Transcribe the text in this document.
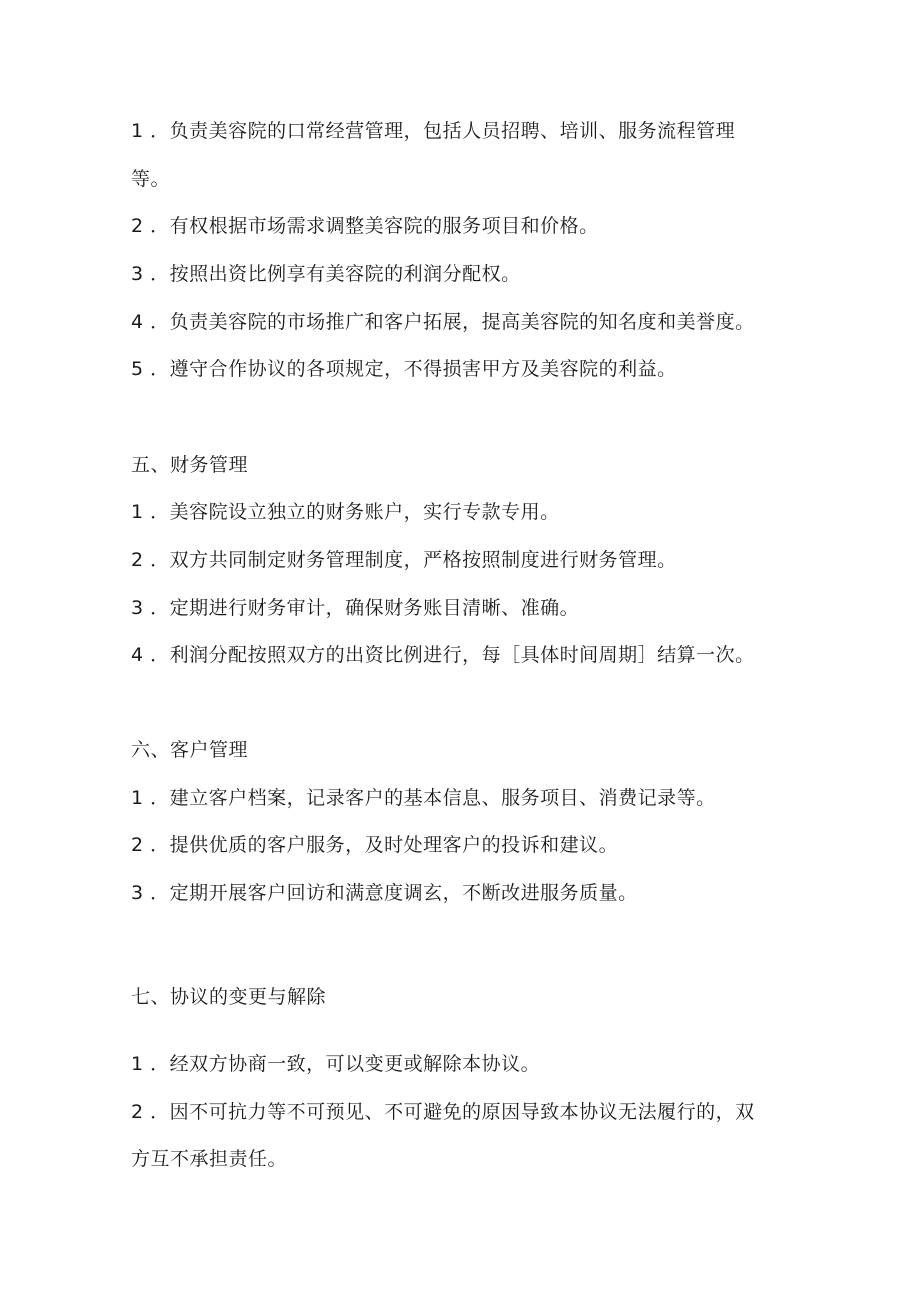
1 ．负责美容院的口常经营管理，包括人员招聘、培训、服务流程管理
等。
2 ．有权根据市场需求调整美容院的服务项目和价格。
3 ．按照出资比例享有美容院的利润分配权。
4 ．负责美容院的市场推广和客户拓展，提高美容院的知名度和美誉度。
5 ．遵守合作协议的各项规定，不得损害甲方及美容院的利益。
五、财务管理
1 ．美容院设立独立的财务账户，实行专款专用。
2 ．双方共同制定财务管理制度，严格按照制度进行财务管理。
3 ．定期进行财务审计，确保财务账目清晰、准确。
4 ．利润分配按照双方的出资比例进行，每［具体时间周期］结算一次。
六、客户管理
1 ．建立客户档案，记录客户的基本信息、服务项目、消费记录等。
2 ．提供优质的客户服务，及时处理客户的投诉和建议。
3 ．定期开展客户回访和满意度调玄，不断改进服务质量。
七、协议的变更与解除
1 ．经双方协商一致，可以变更或解除本协议。
2 ．因不可抗力等不可预见、不可避免的原因导致本协议无法履行的，双
方互不承担责任。
